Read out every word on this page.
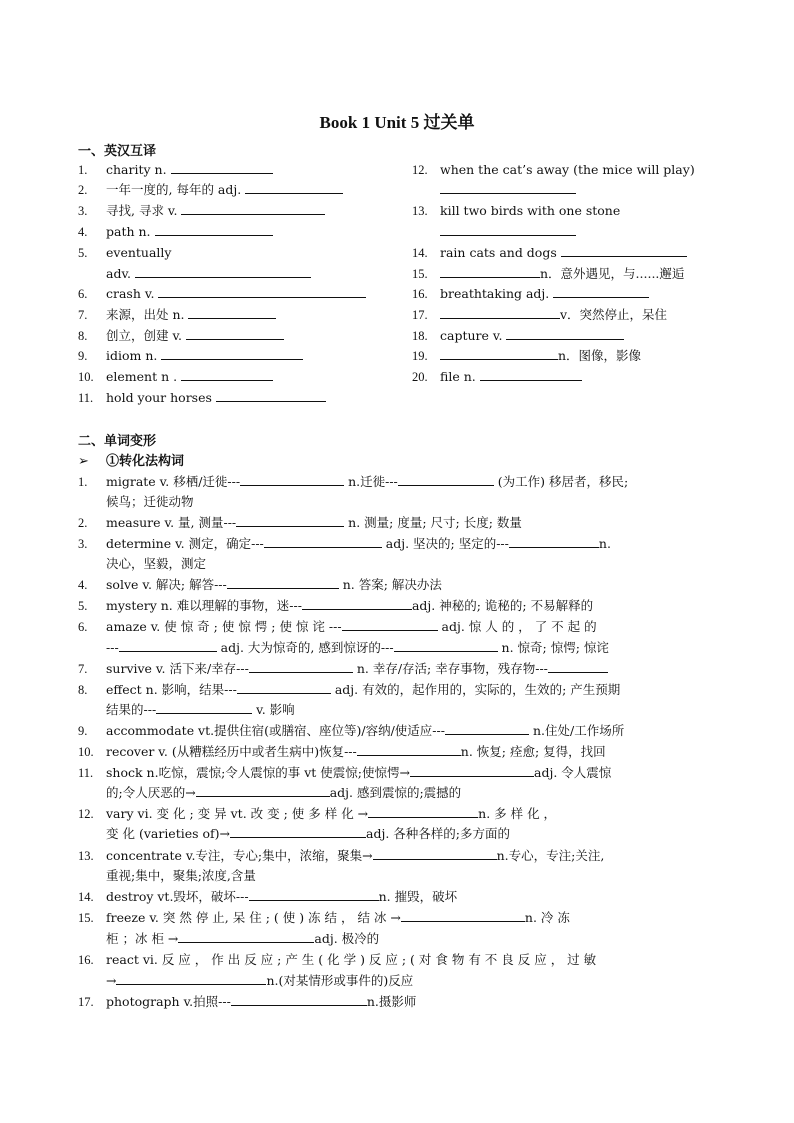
Book 1 Unit 5 过关单
一、英汉互译
1. charity n.
2. 一年一度的, 每年的 adj.
3. 寻找, 寻求 v.
4. path n.
5. eventually
adv.
6. crash v.
7. 来源，出处 n.
8. 创立，创建 v.
9. idiom n.
10. element n .
11. hold your horses
12. when the cat’s away (the mice will play)
13. kill two birds with one stone
14. rain cats and dogs
15.	n．意外遇见，与......邂逅
16. breathtaking adj.
17.	v．突然停止，呆住
18. capture v.
19.	n．图像，影像
20. file n.
二、单词变形
➢ ①转化法构词
1. migrate v. 移栖/迁徙---	n.迁徙---	(为工作) 移居者，移民;
候鸟；迁徙动物
2. measure v. 量, 测量---	n. 测量; 度量; 尺寸; 长度; 数量
3. determine v. 测定，确定---	adj. 坚决的; 坚定的---	n.
决心，坚毅，测定
4. solve v. 解决; 解答---	n. 答案; 解决办法
5. mystery n. 难以理解的事物，迷---	adj. 神秘的; 诡秘的; 不易解释的
6. amaze v. 使 惊 奇 ; 使 惊 愕 ; 使 惊 诧 ---	adj. 惊 人 的 ， 了 不 起 的
---	adj. 大为惊奇的, 感到惊讶的---	n. 惊奇; 惊愕; 惊诧
7. survive v. 活下来/幸存---	n. 幸存/存活; 幸存事物，残存物---
8. effect n. 影响，结果---	adj. 有效的，起作用的，实际的，生效的; 产生预期
结果的---	v. 影响
9. accommodate vt.提供住宿(或膳宿、座位等)/容纳/使适应---	n.住处/工作场所
10. recover v. (从糟糕经历中或者生病中)恢复---	n. 恢复; 痊愈; 复得，找回
11. shock n.吃惊，震惊;令人震惊的事 vt 使震惊;使惊愕→	adj. 令人震惊
的;令人厌恶的→	adj. 感到震惊的;震撼的
12. vary vi. 变 化 ; 变 异 vt. 改 变 ; 使 多 样 化 →	n. 多 样 化 ，
变 化 (varieties of)→	adj. 各种各样的;多方面的
13. concentrate v.专注，专心;集中，浓缩，聚集→	n.专心，专注;关注,
重视;集中，聚集;浓度,含量
14. destroy vt.毁坏，破坏---	n. 摧毁，破坏
15. freeze v. 突 然 停 止, 呆 住 ; ( 使 ) 冻 结 ， 结 冰 →	n. 冷 冻
柜 ；冰 柜 →	adj. 极冷的
16. react vi. 反 应 ， 作 出 反 应 ; 产 生 ( 化 学 ) 反 应 ; ( 对 食 物 有 不 良 反 应 ， 过 敏
→	n.(对某情形或事件的)反应
17. photograph v.拍照---	n.摄影师
